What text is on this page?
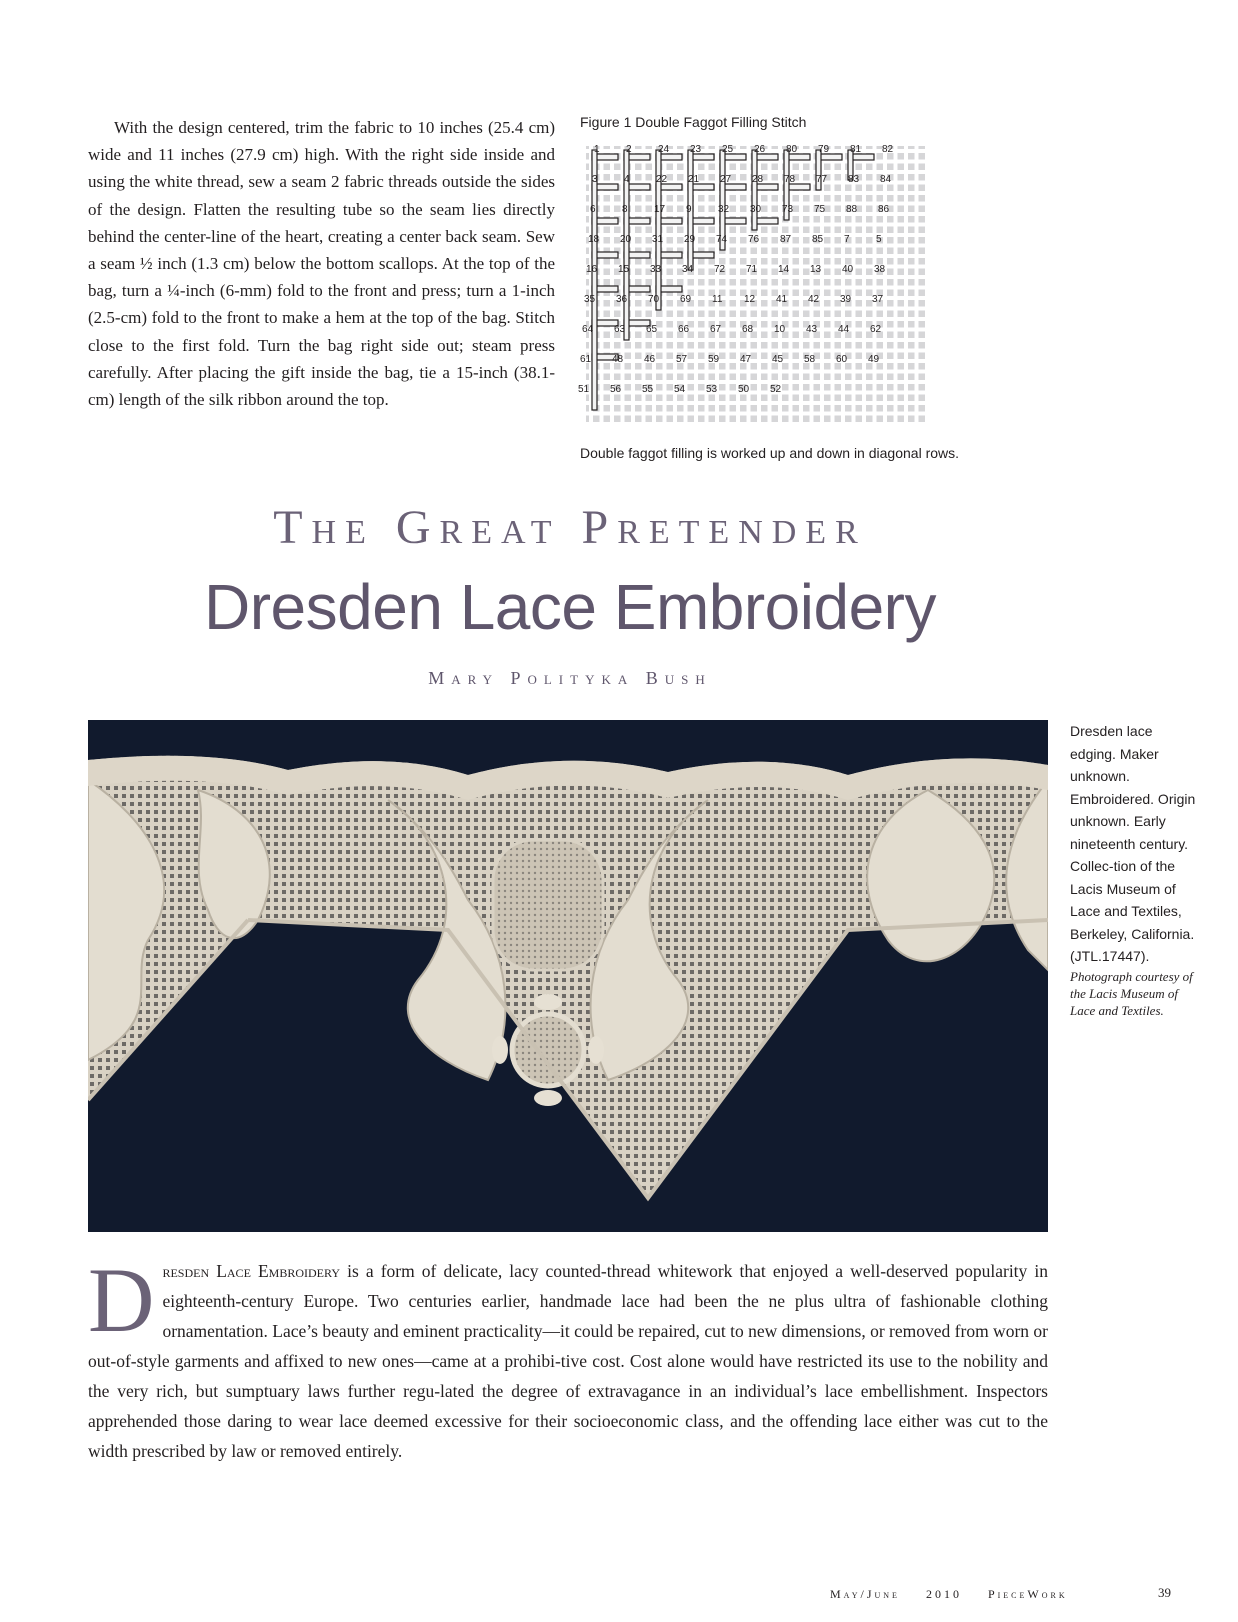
With the design centered, trim the fabric to 10 inches (25.4 cm) wide and 11 inches (27.9 cm) high. With the right side inside and using the white thread, sew a seam 2 fabric threads outside the sides of the design. Flatten the resulting tube so the seam lies directly behind the center-line of the heart, creating a center back seam. Sew a seam ½ inch (1.3 cm) below the bottom scallops. At the top of the bag, turn a ¼-inch (6-mm) fold to the front and press; turn a 1-inch (2.5-cm) fold to the front to make a hem at the top of the bag. Stitch close to the first fold. Turn the bag right side out; steam press carefully. After placing the gift inside the bag, tie a 15-inch (38.1-cm) length of the silk ribbon around the top.

Figure 1 Double Faggot Filling Stitch
1	2	24 23 25 26 80 79 81 82
3	4	22 21 27 28 78 77 83 84
6	8	17 9	32 30 73 75 88 86
18 20 31 29 74 76 87 85 7	5
16 15 33 34 72 71 14 13 40 38
35 36 70 69 11 12 41 42 39 37
64 63 65 66 67 68 10 43 44 62
61 48 46 57 59 47 45 58 60 49
51 56 55 54 53 50 52
Double faggot filling is worked up and down in diagonal rows.
The Great Pretender
Dresden Lace Embroidery
Mary Polityka Bush
Dresden lace edging. Maker unknown. Embroidered. Origin unknown. Early nineteenth century. Collec-tion of the Lacis Museum of Lace and Textiles, Berkeley, California. (JTL.17447).
Photograph courtesy of the Lacis Museum of Lace and Textiles.

Dresden Lace Embroidery is a form of delicate, lacy counted-thread whitework that enjoyed a well-deserved popularity in eighteenth-century Europe. Two centuries earlier, handmade lace had been the ne plus ultra of fashionable clothing ornamentation. Lace’s beauty and eminent practicality—it could be repaired, cut to new dimensions, or removed from worn or out-of-style garments and affixed to new ones—came at a prohibi-tive cost. Cost alone would have restricted its use to the nobility and the very rich, but sumptuary laws further regu-lated the degree of extravagance in an individual’s lace embellishment. Inspectors apprehended those daring to wear lace deemed excessive for their socioeconomic class, and the offending lace either was cut to the width prescribed by law or removed entirely.

May/June 2010 PieceWork	39
